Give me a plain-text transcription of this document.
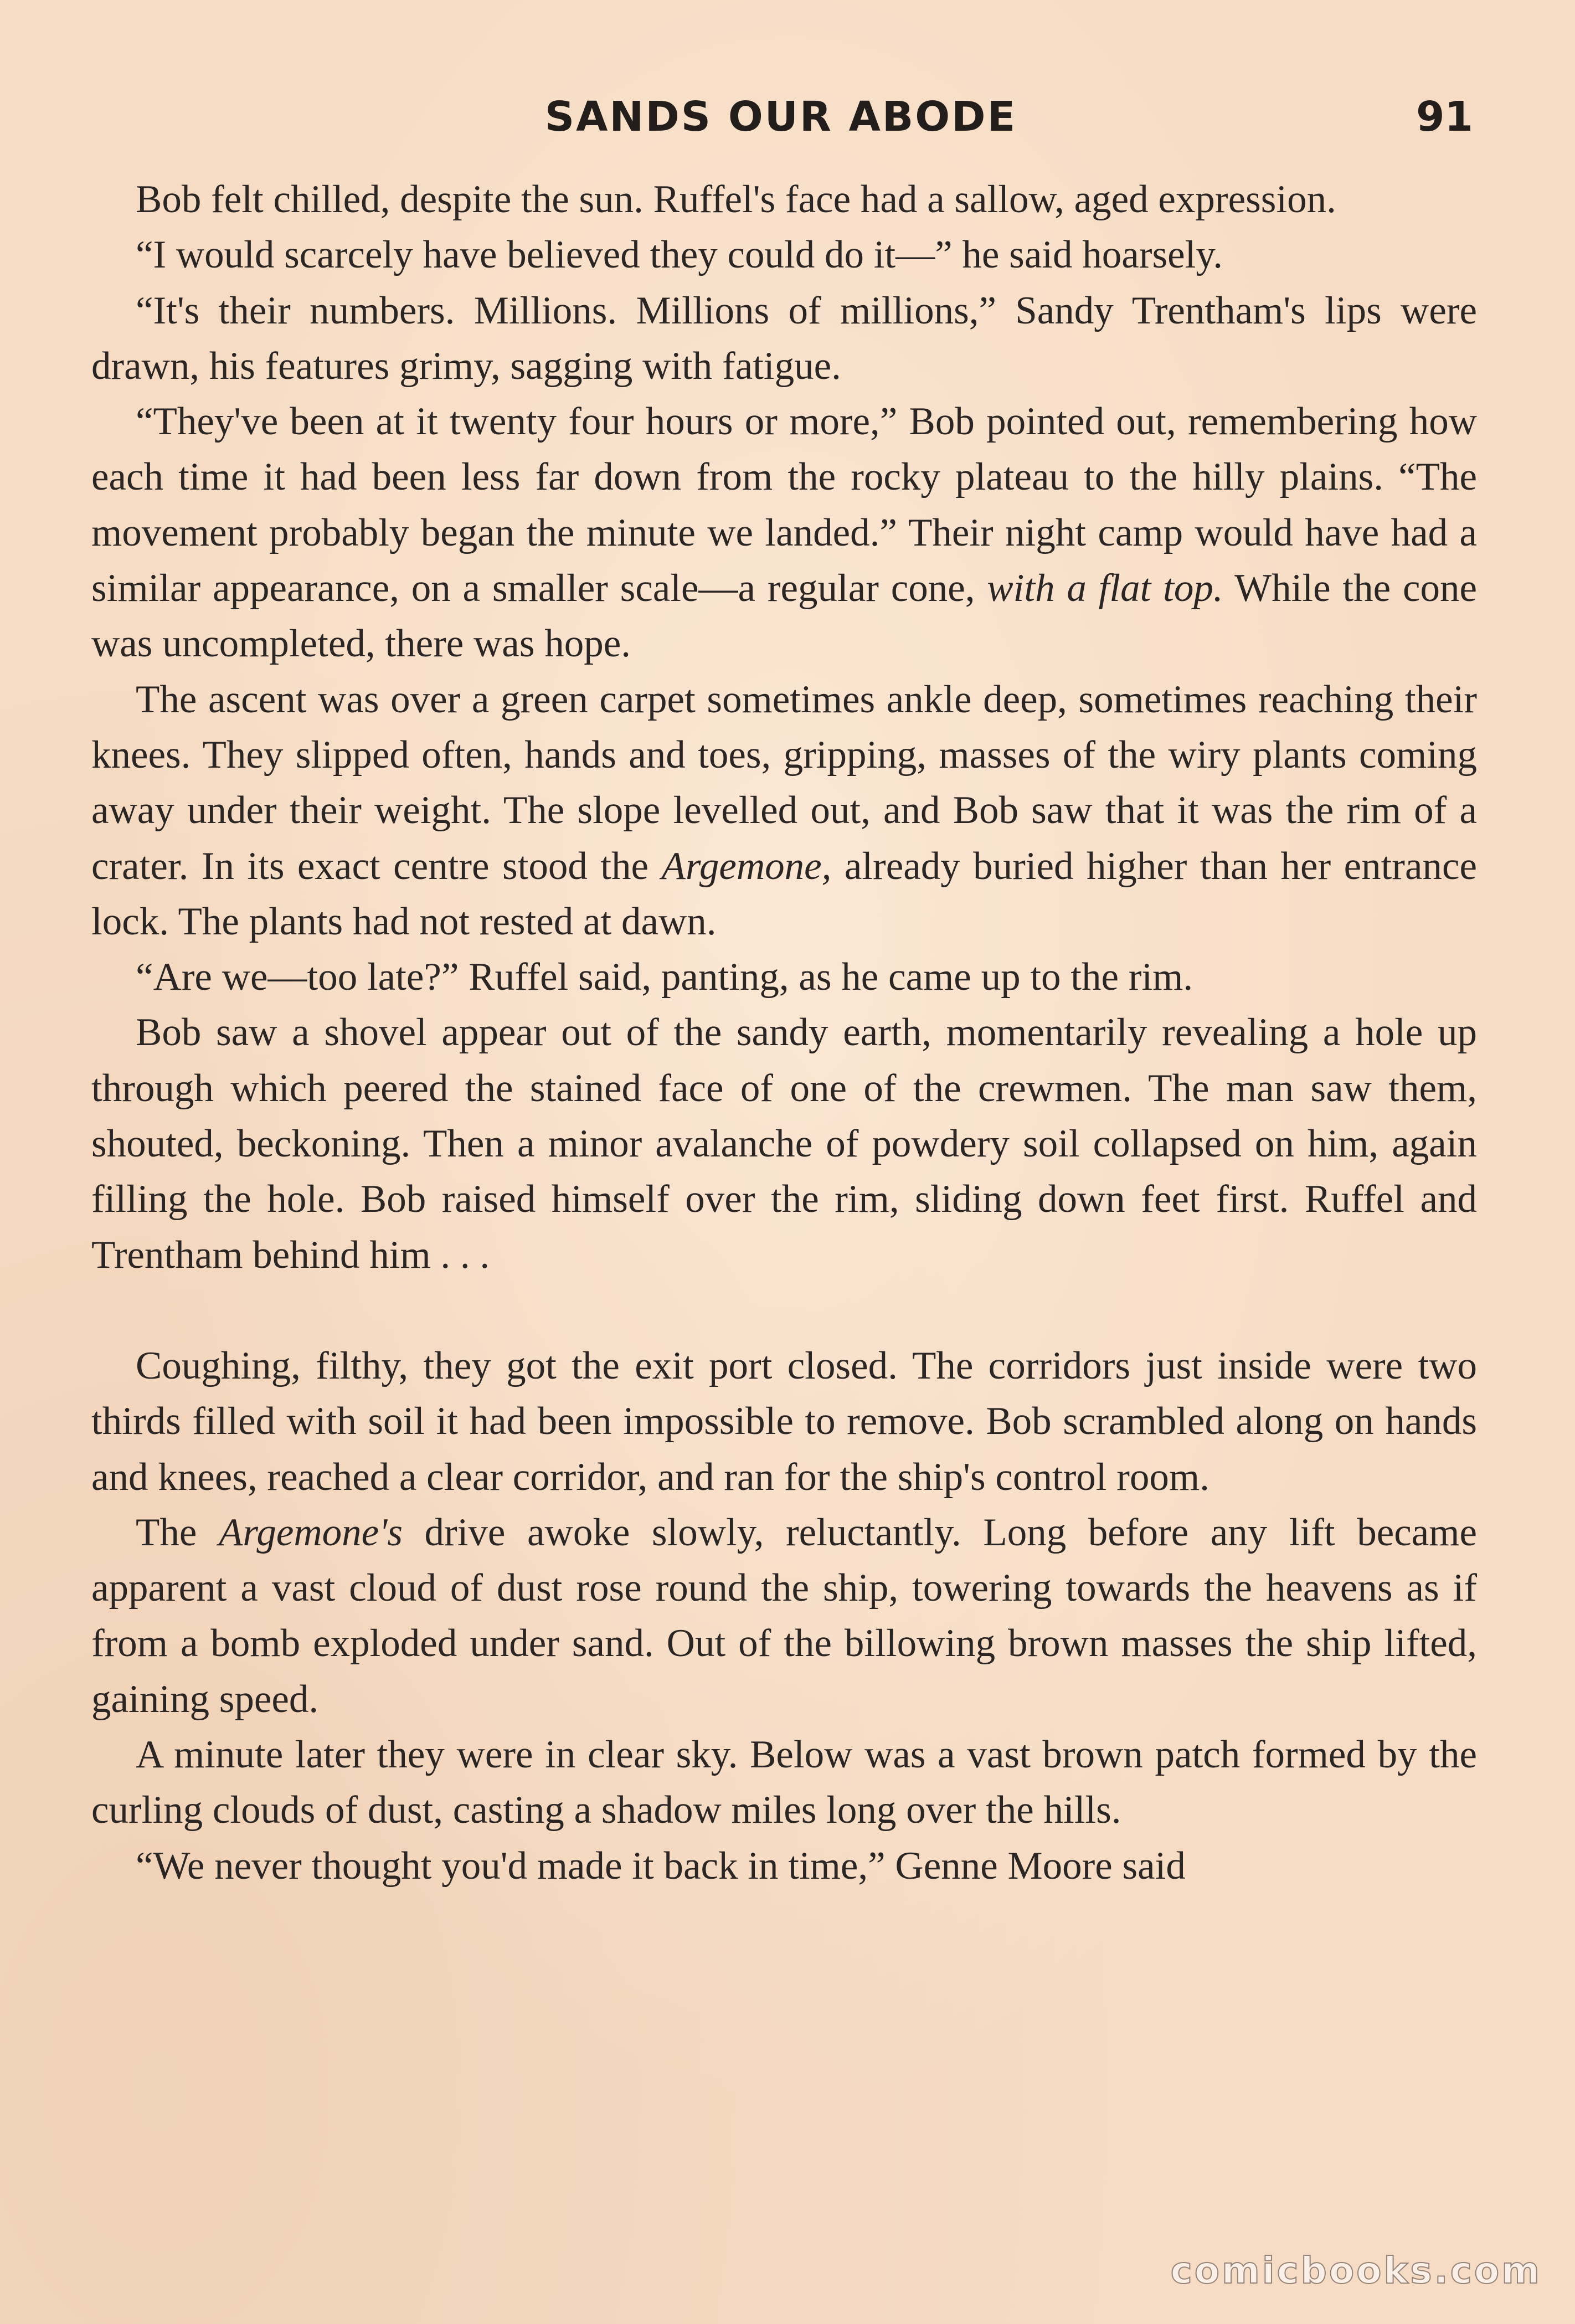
SANDS OUR ABODE	91

Bob felt chilled, despite the sun. Ruffel's face had a sallow, aged expression.

“I would scarcely have believed they could do it—” he said hoarsely.

“It's their numbers. Millions. Millions of millions,” Sandy Trentham's lips were drawn, his features grimy, sagging with fatigue.

“They've been at it twenty four hours or more,” Bob pointed out, remembering how each time it had been less far down from the rocky plateau to the hilly plains. “The movement probably began the minute we landed.” Their night camp would have had a similar appearance, on a smaller scale—a regular cone, with a flat top. While the cone was uncompleted, there was hope.

The ascent was over a green carpet sometimes ankle deep, sometimes reaching their knees. They slipped often, hands and toes, gripping, masses of the wiry plants coming away under their weight. The slope levelled out, and Bob saw that it was the rim of a crater. In its exact centre stood the Argemone, already buried higher than her entrance lock. The plants had not rested at dawn.

“Are we—too late?” Ruffel said, panting, as he came up to the rim.

Bob saw a shovel appear out of the sandy earth, momentarily revealing a hole up through which peered the stained face of one of the crewmen. The man saw them, shouted, beckoning. Then a minor avalanche of powdery soil collapsed on him, again filling the hole. Bob raised himself over the rim, sliding down feet first. Ruffel and Trentham behind him . . .

Coughing, filthy, they got the exit port closed. The corridors just inside were two thirds filled with soil it had been impossible to remove. Bob scrambled along on hands and knees, reached a clear corridor, and ran for the ship's control room.

The Argemone's drive awoke slowly, reluctantly. Long before any lift became apparent a vast cloud of dust rose round the ship, towering towards the heavens as if from a bomb exploded under sand. Out of the billowing brown masses the ship lifted, gaining speed.

A minute later they were in clear sky. Below was a vast brown patch formed by the curling clouds of dust, casting a shadow miles long over the hills.

“We never thought you'd made it back in time,” Genne Moore said

comicbooks.com
